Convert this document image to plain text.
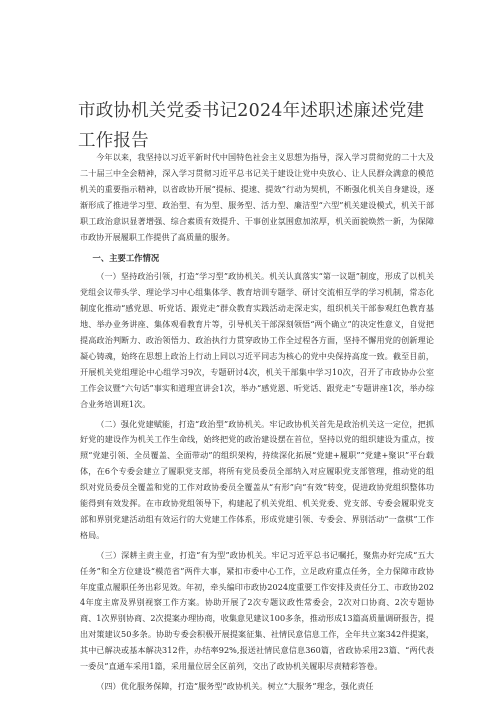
市政协机关党委书记2024年述职述廉述党建工作报告

今年以来，我坚持以习近平新时代中国特色社会主义思想为指导，深入学习贯彻党的二十大及二十届三中全会精神，深入学习贯彻习近平总书记关于建设让党中央放心、让人民群众满意的模范机关的重要指示精神，以省政协开展“提标、提速、提效”行动为契机，不断强化机关自身建设，逐渐形成了推进学习型、政治型、有为型、服务型、活力型、廉洁型“六型”机关建设模式，机关干部职工政治意识显著增强、综合素质有效提升、干事创业氛围愈加浓厚，机关面貌焕然一新，为保障市政协开展履职工作提供了高质量的服务。

一、主要工作情况

（一）坚持政治引领，打造“学习型”政协机关。机关认真落实“第一议题”制度，形成了以机关党组会议带头学、理论学习中心组集体学、教育培训专题学、研讨交流相互学的学习机制，常态化制度化推动“感党恩、听党话、跟党走”群众教育实践活动走深走实，组织机关干部参观红色教育基地、举办业务讲座、集体观看教育片等，引导机关干部深刻领悟“两个确立”的决定性意义，自觉把提高政治判断力、政治领悟力、政治执行力贯穿政协工作全过程各方面，坚持不懈用党的创新理论凝心铸魂，始终在思想上政治上行动上同以习近平同志为核心的党中央保持高度一致。截至目前，开展机关党组理论中心组学习9次，专题研讨4次，机关干部集中学习10次，召开了市政协办公室工作会议暨“六句话”事实和道理宣讲会1次，举办“感党恩、听党话、跟党走”专题讲座1次，举办综合业务培训班1次。

（二）强化党建赋能，打造“政治型”政协机关。牢记政协机关首先是政治机关这一定位，把抓好党的建设作为机关工作生命线，始终把党的政治建设摆在首位，坚持以党的组织建设为重点，按照“党建引领、全员覆盖、全面带动”的组织架构，持续深化拓展“党建+履职”“党建+聚识”平台载体，在6个专委会建立了履职党支部，将所有党员委员全部纳入对应履职党支部管理，推动党的组织对党员委员全覆盖和党的工作对政协委员全覆盖从“有形”向“有效”转变，促进政协党组织整体功能得到有效发挥。在市政协党组领导下，构建起了机关党组、机关党委、党支部、专委会履职党支部和界别党建活动组有效运行的大党建工作体系，形成党建引领、专委会、界别活动“一盘棋”工作格局。

（三）深耕主责主业，打造“有为型”政协机关。牢记习近平总书记嘱托，聚焦办好完成“五大任务”和全方位建设“模范省”两件大事，紧扣市委中心工作，立足政府重点任务，全力保障市政协年度重点履职任务出彩见效。年初，牵头编印市政协2024度重要工作安排及责任分工、市政协2024年度主席及界别视察工作方案。协助开展了2次专题议政性常委会，2次对口协商、2次专题协商、1次界别协商、2次提案办理协商，收集意见建议100多条，推动形成13篇高质量调研报告，提出对策建议50多条。协助专委会积极开展提案征集、社情民意信息工作，全年共立案342件提案，其中已解决或基本解决312件，办结率92%,报送社情民意信息360篇，省政协采用23篇、“两代表一委员”直通车采用1篇，采用量位居全区前列，交出了政协机关履职尽责精彩答卷。

（四）优化服务保障，打造“服务型”政协机关。树立“大服务”理念，强化责任
